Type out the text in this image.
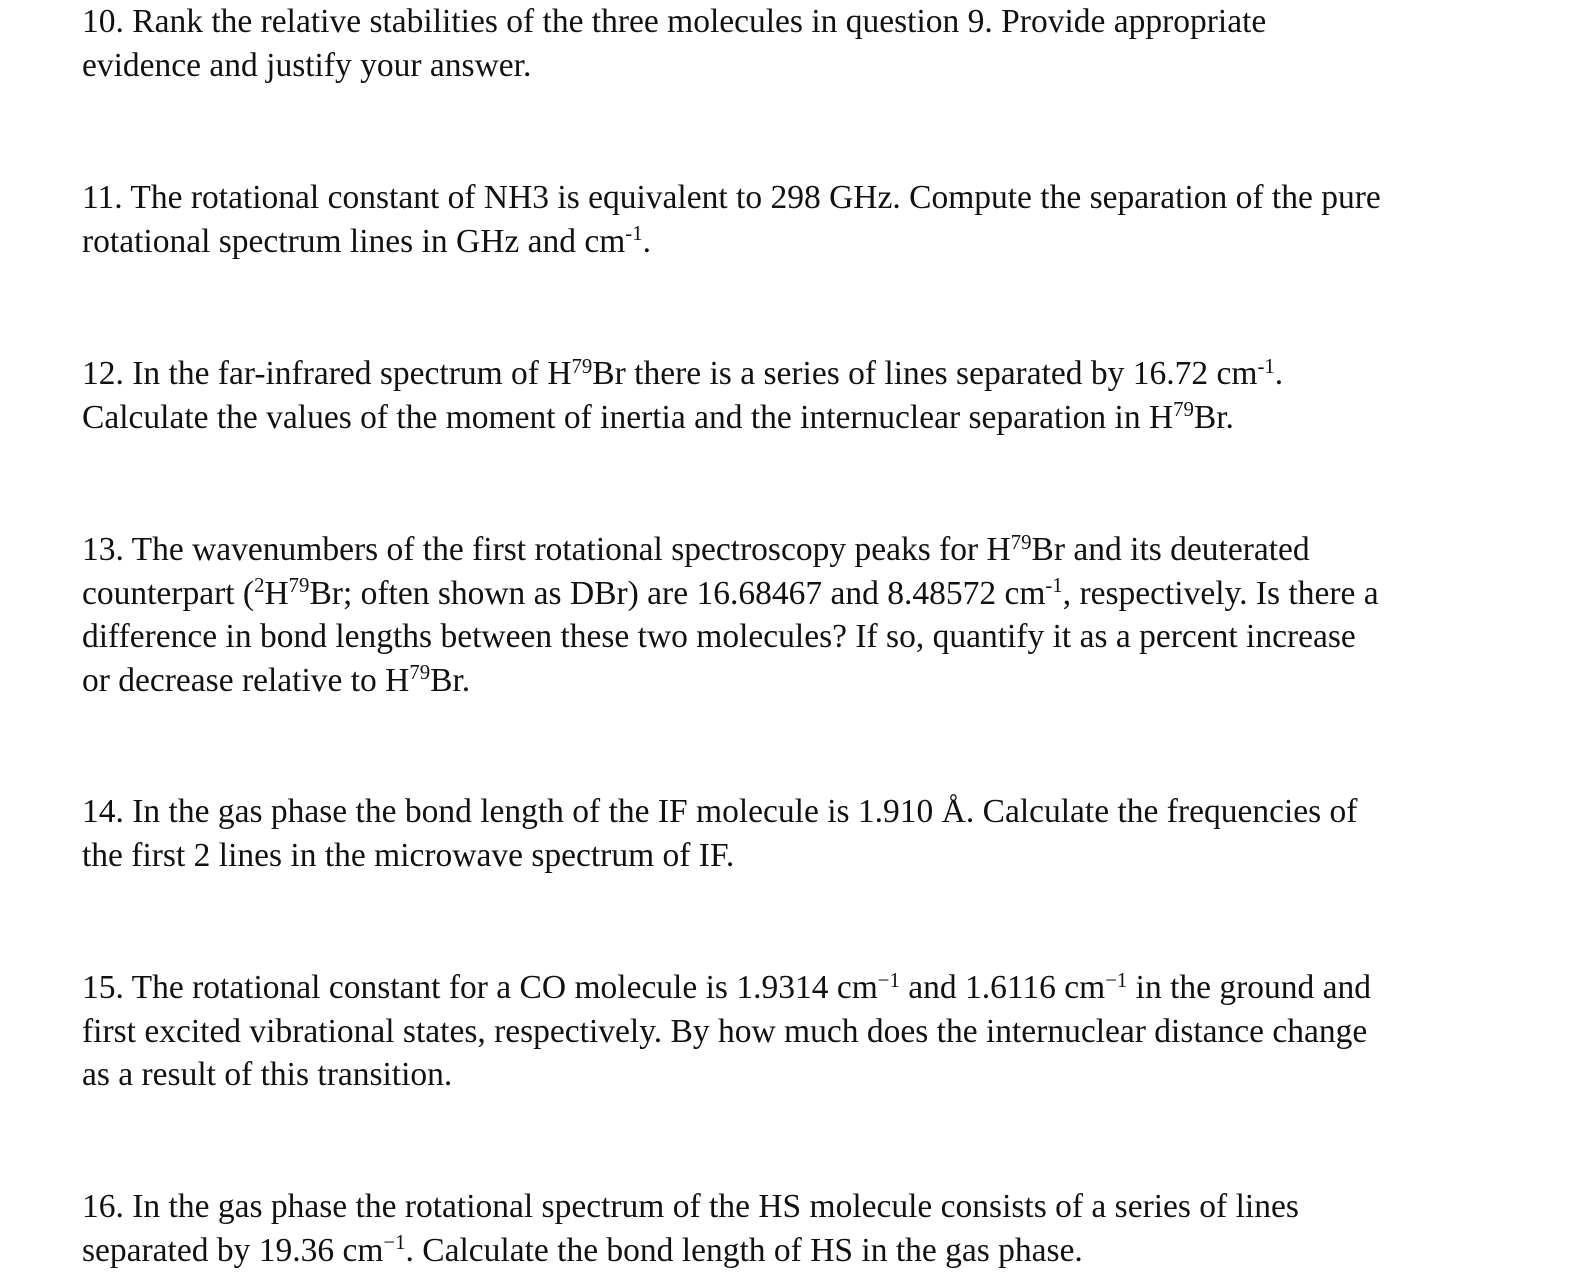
10. Rank the relative stabilities of the three molecules in question 9. Provide appropriate
evidence and justify your answer.
11. The rotational constant of NH3 is equivalent to 298 GHz. Compute the separation of the pure
rotational spectrum lines in GHz and $cm^{-1}$.
12. In the far-infrared spectrum of $H^{79}Br$ there is a series of lines separated by 16.72 $cm^{-1}$.
Calculate the values of the moment of inertia and the internuclear separation in $H^{79}Br$.
13. The wavenumbers of the first rotational spectroscopy peaks for $H^{79}Br$ and its deuterated
counterpart ($^2H^{79}Br$; often shown as DBr) are 16.68467 and 8.48572 $cm^{-1}$, respectively. Is there a
difference in bond lengths between these two molecules? If so, quantify it as a percent increase
or decrease relative to $H^{79}Br$.
14. In the gas phase the bond length of the IF molecule is 1.910 Å. Calculate the frequencies of
the first 2 lines in the microwave spectrum of IF.
15. The rotational constant for a CO molecule is 1.9314 $cm^{-1}$ and 1.6116 $cm^{-1}$ in the ground and
first excited vibrational states, respectively. By how much does the internuclear distance change
as a result of this transition.
16. In the gas phase the rotational spectrum of the HS molecule consists of a series of lines
separated by 19.36 $cm^{-1}$. Calculate the bond length of HS in the gas phase.
